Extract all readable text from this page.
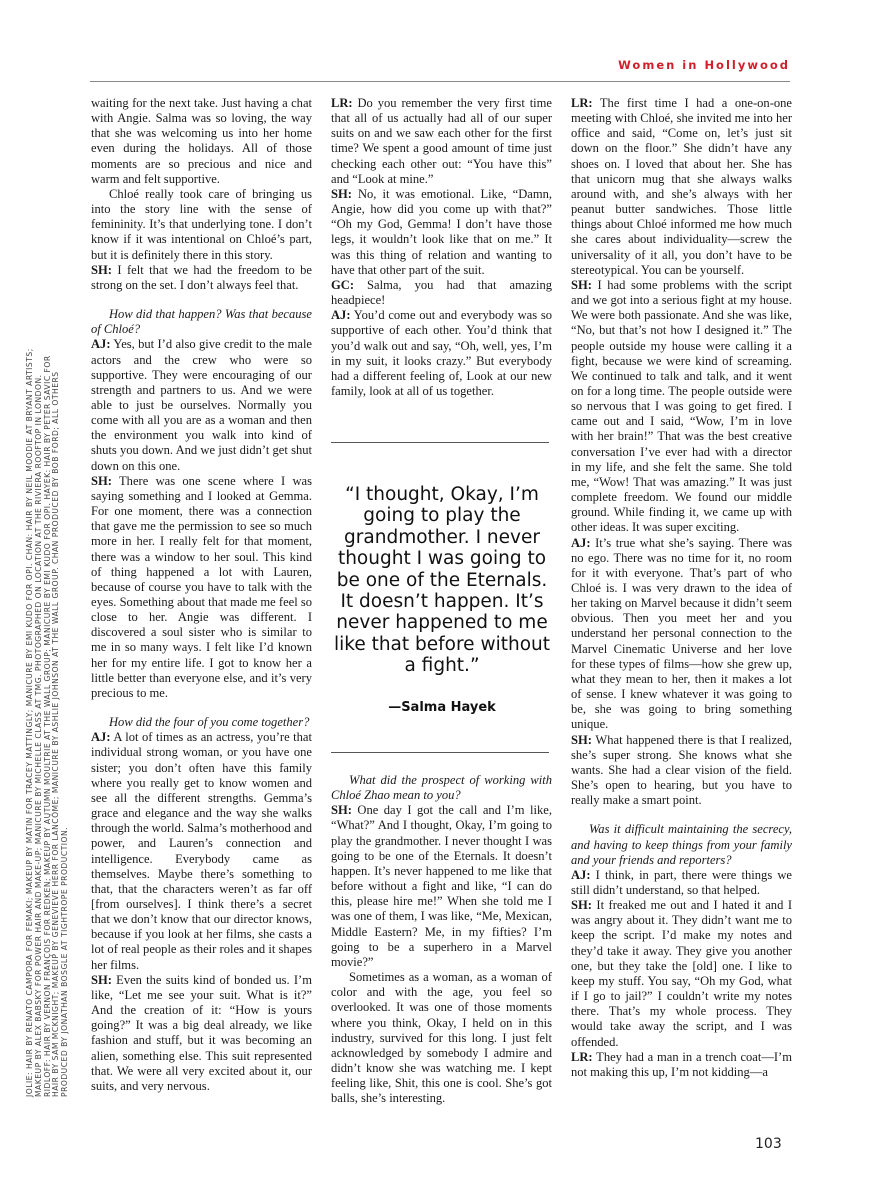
Women in Hollywood
JOLIE: HAIR BY RENATO CAMPORA FOR FEMAKI; MAKEUP BY MATIN FOR TRACEY MATTINGLY; MANICURE BY EMI KUDO FOR OPI. CHAN: HAIR BY NEIL MOODIE AT BRYANT ARTISTS; MAKEUP BY ALEX BABSKY FOR POWER HAIR AND MAKE-UP; MANICURE BY MICHELLE CLASS AT TMG. PHOTOGRAPHED ON LOCATION AT THE RIVIERA ROOFTOP IN LONDON. RIDLOFF: HAIR BY VERNON FRANÇOIS FOR REDKEN; MAKEUP BY AUTUMN MOULTRIE AT THE WALL GROUP; MANICURE BY EMI KUDO FOR OPI. HAYEK: HAIR BY PETER SAVIC FOR HAIR BY SAM MCKNIGHT; MAKEUP BY GENEVIEVE HERR FOR LANCÔME; MANICURE BY ASHLIE JOHNSON AT THE WALL GROUP. CHAN PRODUCED BY BOB FORD; ALL OTHERS PRODUCED BY JONATHAN BOSGLE AT TIGHTROPE PRODUCTION.

waiting for the next take. Just having a chat with Angie. Salma was so loving, the way that she was welcoming us into her home even during the holidays. All of those moments are so precious and nice and warm and felt supportive.

Chloé really took care of bringing us into the story line with the sense of femininity. It’s that underlying tone. I don’t know if it was intentional on Chloé’s part, but it is definitely there in this story.

SH: I felt that we had the freedom to be strong on the set. I don’t always feel that.

How did that happen? Was that because of Chloé?

AJ: Yes, but I’d also give credit to the male actors and the crew who were so supportive. They were encouraging of our strength and partners to us. And we were able to just be ourselves. Normally you come with all you are as a woman and then the environment you walk into kind of shuts you down. And we just didn’t get shut down on this one.

SH: There was one scene where I was saying something and I looked at Gemma. For one moment, there was a connection that gave me the permission to see so much more in her. I really felt for that moment, there was a window to her soul. This kind of thing happened a lot with Lauren, because of course you have to talk with the eyes. Something about that made me feel so close to her. Angie was different. I discovered a soul sister who is similar to me in so many ways. I felt like I’d known her for my entire life. I got to know her a little better than everyone else, and it’s very precious to me.

How did the four of you come together?

AJ: A lot of times as an actress, you’re that individual strong woman, or you have one sister; you don’t often have this family where you really get to know women and see all the different strengths. Gemma’s grace and elegance and the way she walks through the world. Salma’s motherhood and power, and Lauren’s connection and intelligence. Everybody came as themselves. Maybe there’s something to that, that the characters weren’t as far off [from ourselves]. I think there’s a secret that we don’t know that our director knows, because if you look at her films, she casts a lot of real people as their roles and it shapes her films.

SH: Even the suits kind of bonded us. I’m like, “Let me see your suit. What is it?” And the creation of it: “How is yours going?” It was a big deal already, we like fashion and stuff, but it was becoming an alien, something else. This suit represented that. We were all very excited about it, our suits, and very nervous.

LR: Do you remember the very first time that all of us actually had all of our super suits on and we saw each other for the first time? We spent a good amount of time just checking each other out: “You have this” and “Look at mine.”

SH: No, it was emotional. Like, “Damn, Angie, how did you come up with that?” “Oh my God, Gemma! I don’t have those legs, it wouldn’t look like that on me.” It was this thing of relation and wanting to have that other part of the suit.

GC: Salma, you had that amazing headpiece!

AJ: You’d come out and everybody was so supportive of each other. You’d think that you’d walk out and say, “Oh, well, yes, I’m in my suit, it looks crazy.” But everybody had a different feeling of, Look at our new family, look at all of us together.

“I thought, Okay, I’m going to play the grandmother. I never thought I was going to be one of the Eternals. It doesn’t happen. It’s never happened to me like that before without a fight.”
—Salma Hayek

What did the prospect of working with Chloé Zhao mean to you?

SH: One day I got the call and I’m like, “What?” And I thought, Okay, I’m going to play the grandmother. I never thought I was going to be one of the Eternals. It doesn’t happen. It’s never happened to me like that before without a fight and like, “I can do this, please hire me!” When she told me I was one of them, I was like, “Me, Mexican, Middle Eastern? Me, in my fifties? I’m going to be a superhero in a Marvel movie?”

Sometimes as a woman, as a woman of color and with the age, you feel so overlooked. It was one of those moments where you think, Okay, I held on in this industry, survived for this long. I just felt acknowledged by somebody I admire and didn’t know she was watching me. I kept feeling like, Shit, this one is cool. She’s got balls, she’s interesting.

LR: The first time I had a one-on-one meeting with Chloé, she invited me into her office and said, “Come on, let’s just sit down on the floor.” She didn’t have any shoes on. I loved that about her. She has that unicorn mug that she always walks around with, and she’s always with her peanut butter sandwiches. Those little things about Chloé informed me how much she cares about individuality—screw the universality of it all, you don’t have to be stereotypical. You can be yourself.

SH: I had some problems with the script and we got into a serious fight at my house. We were both passionate. And she was like, “No, but that’s not how I designed it.” The people outside my house were calling it a fight, because we were kind of screaming. We continued to talk and talk, and it went on for a long time. The people outside were so nervous that I was going to get fired. I came out and I said, “Wow, I’m in love with her brain!” That was the best creative conversation I’ve ever had with a director in my life, and she felt the same. She told me, “Wow! That was amazing.” It was just complete freedom. We found our middle ground. While finding it, we came up with other ideas. It was super exciting.

AJ: It’s true what she’s saying. There was no ego. There was no time for it, no room for it with everyone. That’s part of who Chloé is. I was very drawn to the idea of her taking on Marvel because it didn’t seem obvious. Then you meet her and you understand her personal connection to the Marvel Cinematic Universe and her love for these types of films—how she grew up, what they mean to her, then it makes a lot of sense. I knew whatever it was going to be, she was going to bring something unique.

SH: What happened there is that I realized, she’s super strong. She knows what she wants. She had a clear vision of the field. She’s open to hearing, but you have to really make a smart point.

Was it difficult maintaining the secrecy, and having to keep things from your family and your friends and reporters?

AJ: I think, in part, there were things we still didn’t understand, so that helped.

SH: It freaked me out and I hated it and I was angry about it. They didn’t want me to keep the script. I’d make my notes and they’d take it away. They give you another one, but they take the [old] one. I like to keep my stuff. You say, “Oh my God, what if I go to jail?” I couldn’t write my notes there. That’s my whole process. They would take away the script, and I was offended.

LR: They had a man in a trench coat—I’m not making this up, I’m not kidding—a

103
